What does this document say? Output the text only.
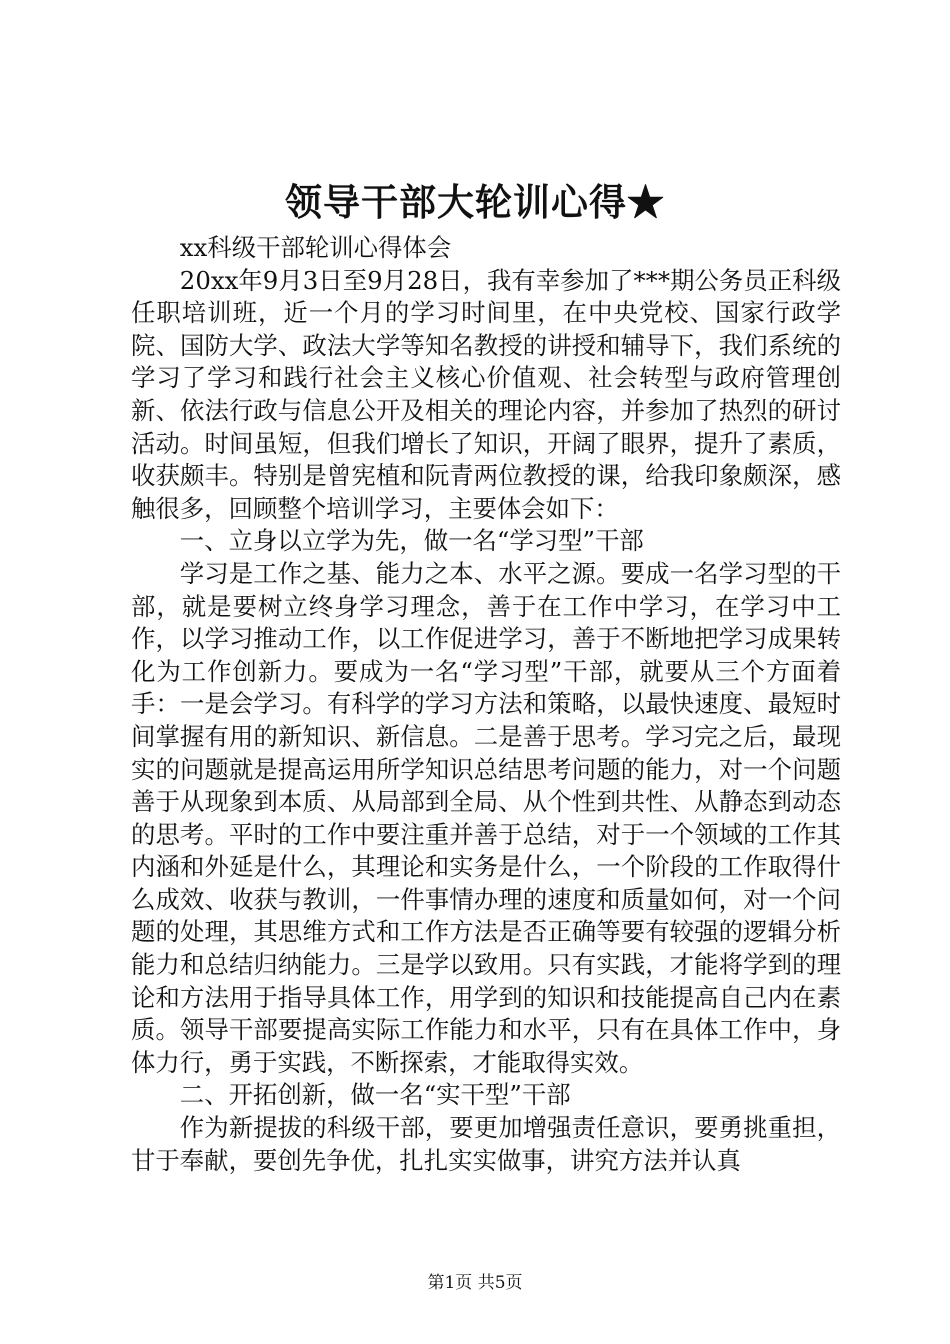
领导干部大轮训心得★

xx科级干部轮训心得体会

20xx年9月3日至9月28日，我有幸参加了***期公务员正科级任职培训班，近一个月的学习时间里，在中央党校、国家行政学院、国防大学、政法大学等知名教授的讲授和辅导下，我们系统的学习了学习和践行社会主义核心价值观、社会转型与政府管理创新、依法行政与信息公开及相关的理论内容，并参加了热烈的研讨活动。时间虽短，但我们增长了知识，开阔了眼界，提升了素质，收获颇丰。特别是曾宪植和阮青两位教授的课，给我印象颇深，感触很多，回顾整个培训学习，主要体会如下：

一、立身以立学为先，做一名“学习型”干部

学习是工作之基、能力之本、水平之源。要成一名学习型的干部，就是要树立终身学习理念，善于在工作中学习，在学习中工作，以学习推动工作，以工作促进学习，善于不断地把学习成果转化为工作创新力。要成为一名“学习型”干部，就要从三个方面着手：一是会学习。有科学的学习方法和策略，以最快速度、最短时间掌握有用的新知识、新信息。二是善于思考。学习完之后，最现实的问题就是提高运用所学知识总结思考问题的能力，对一个问题善于从现象到本质、从局部到全局、从个性到共性、从静态到动态的思考。平时的工作中要注重并善于总结，对于一个领域的工作其内涵和外延是什么，其理论和实务是什么，一个阶段的工作取得什么成效、收获与教训，一件事情办理的速度和质量如何，对一个问题的处理，其思维方式和工作方法是否正确等要有较强的逻辑分析能力和总结归纳能力。三是学以致用。只有实践，才能将学到的理论和方法用于指导具体工作，用学到的知识和技能提高自己内在素质。领导干部要提高实际工作能力和水平，只有在具体工作中，身体力行，勇于实践，不断探索，才能取得实效。

二、开拓创新，做一名“实干型”干部

作为新提拔的科级干部，要更加增强责任意识，要勇挑重担，甘于奉献，要创先争优，扎扎实实做事，讲究方法并认真

第1页 共5页
